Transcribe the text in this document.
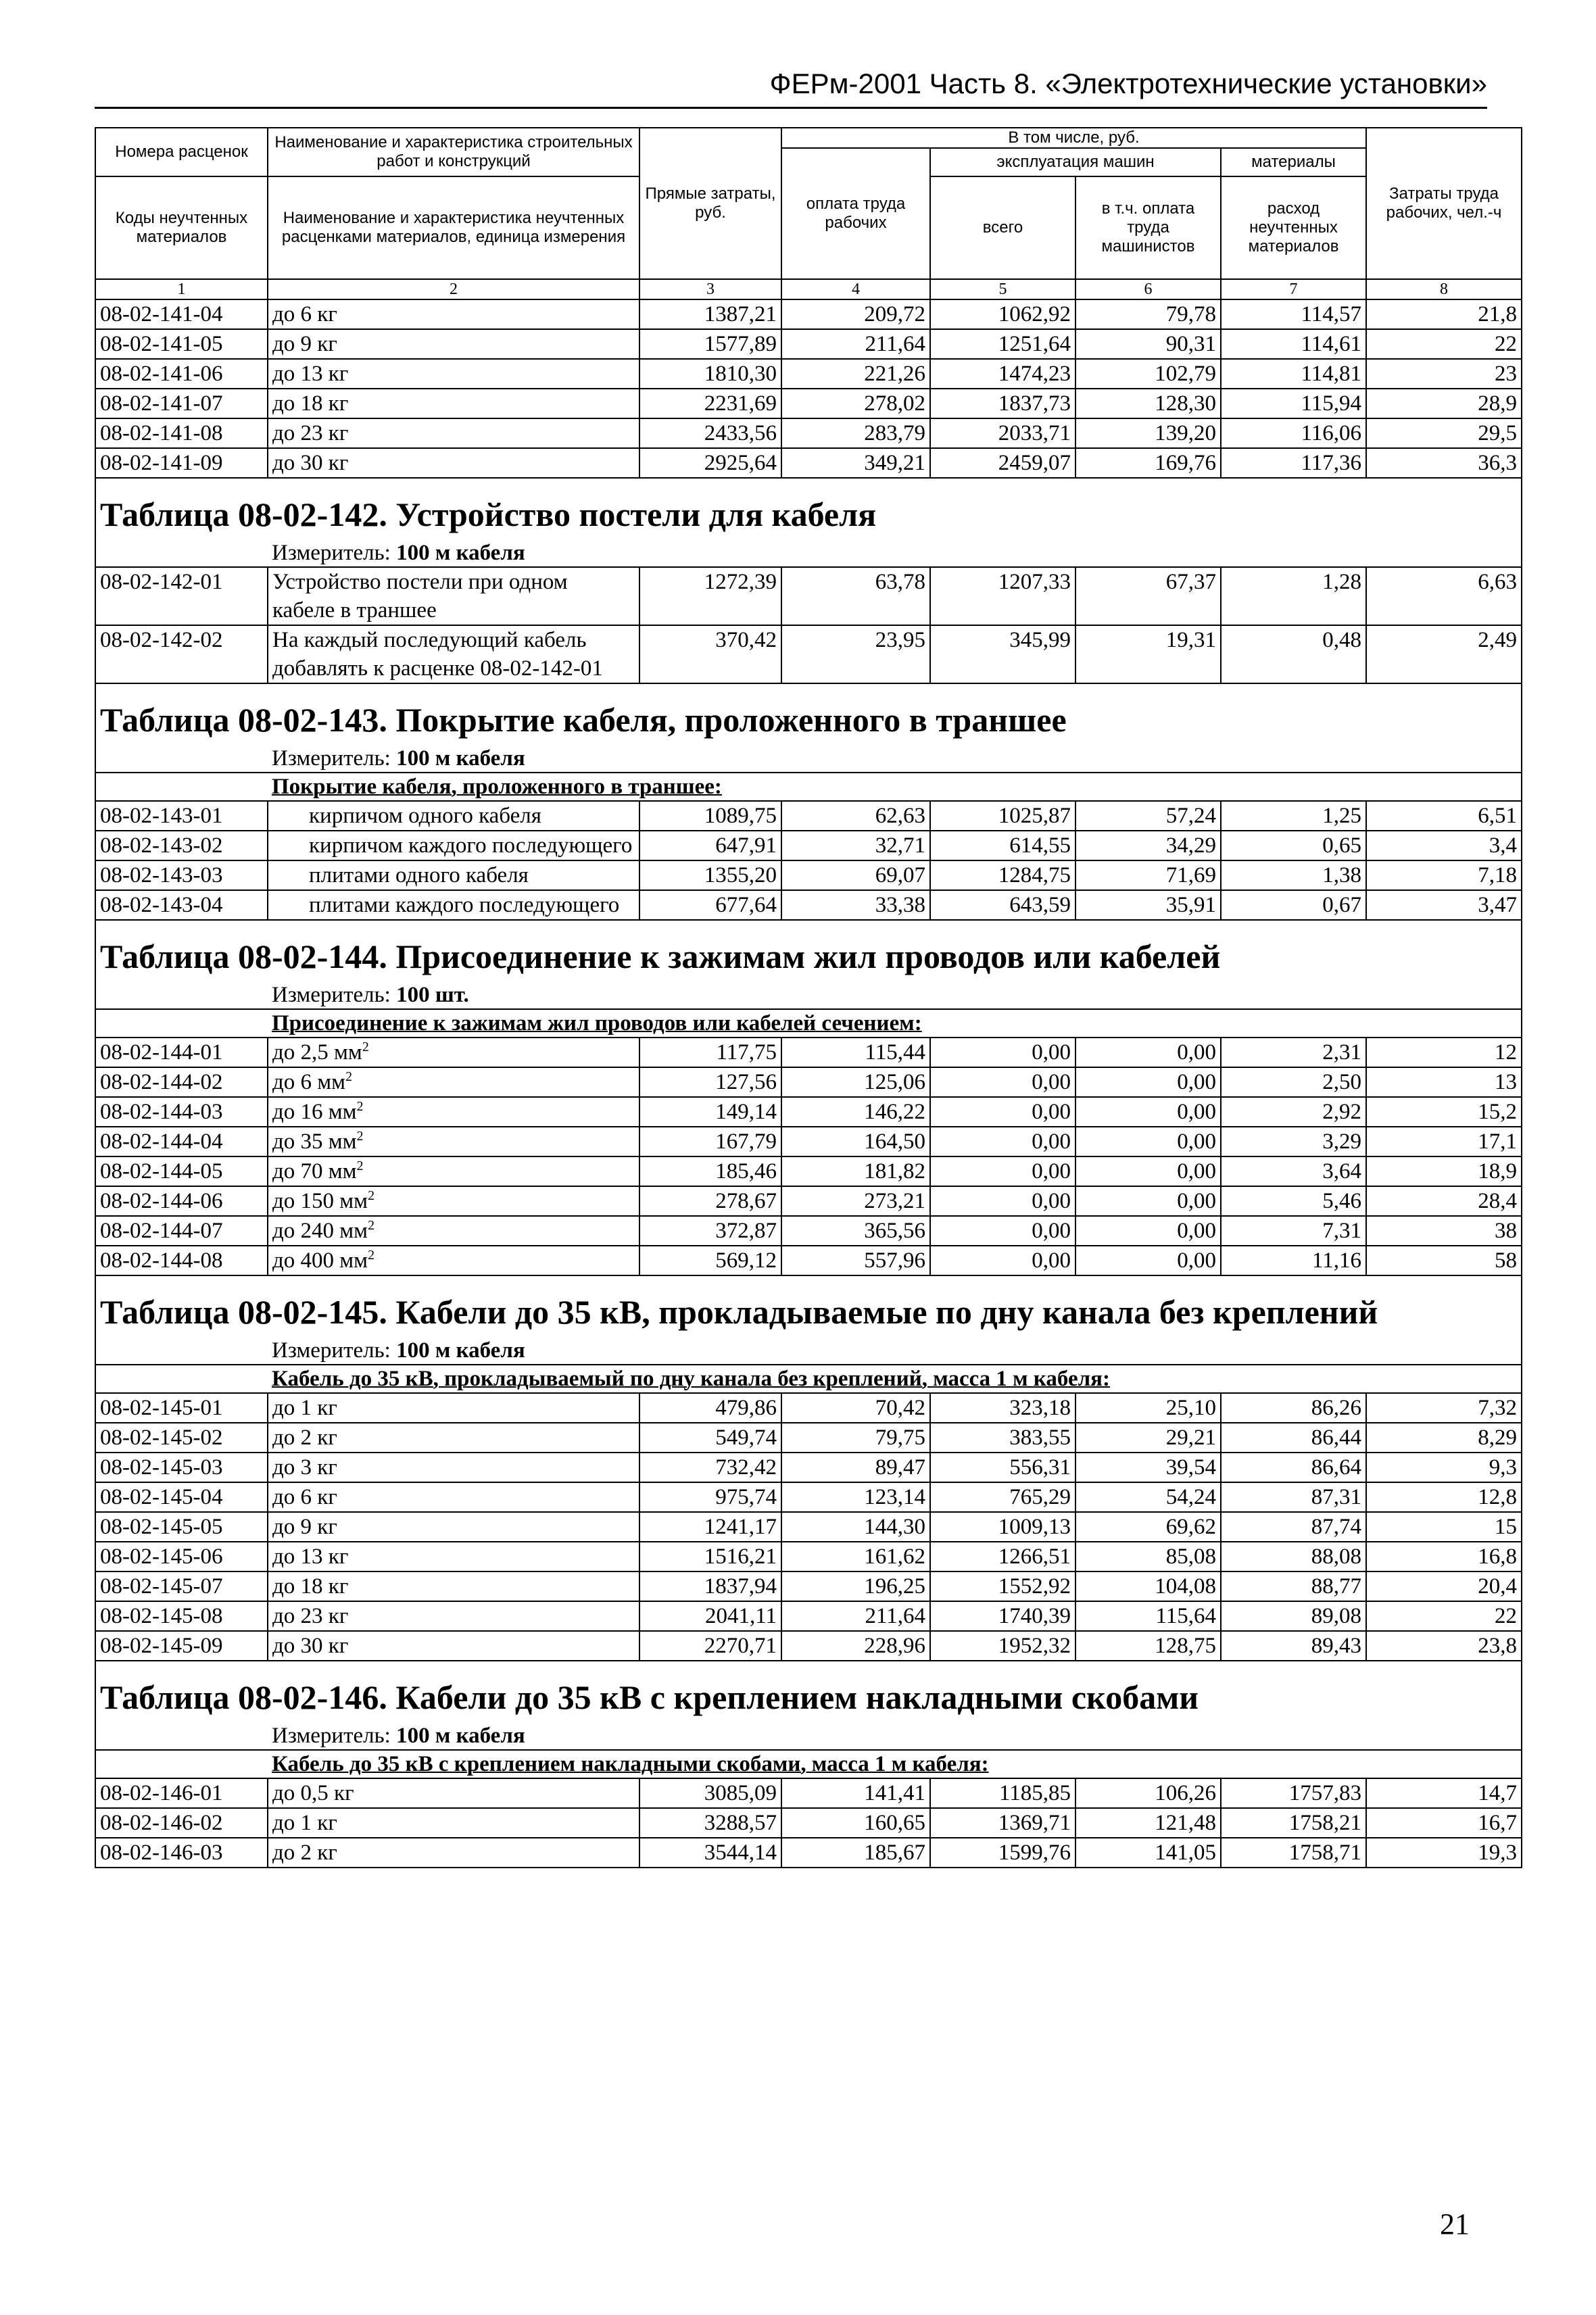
ФЕРм-2001 Часть 8. «Электротехнические установки»
Номера расценок	Наименование и характеристика строительных работ и конструкций	Прямые затраты, руб.	В том числе, руб.				Затраты труда рабочих, чел.-ч
			оплата труда рабочих	эксплуатация машин		материалы	
Коды неучтенных материалов	Наименование и характеристика неучтенных расценками материалов, единица измерения			всего	в т.ч. оплата труда машинистов	расход неучтенных материалов	

1	2	3	4	5	6	7	8
08-02-141-04	до 6 кг	1387,21	209,72	1062,92	79,78	114,57	21,8
08-02-141-05	до 9 кг	1577,89	211,64	1251,64	90,31	114,61	22
08-02-141-06	до 13 кг	1810,30	221,26	1474,23	102,79	114,81	23
08-02-141-07	до 18 кг	2231,69	278,02	1837,73	128,30	115,94	28,9
08-02-141-08	до 23 кг	2433,56	283,79	2033,71	139,20	116,06	29,5
08-02-141-09	до 30 кг	2925,64	349,21	2459,07	169,76	117,36	36,3
Таблица 08-02-142. Устройство постели для кабеля							
Измеритель: 100 м кабеля							
08-02-142-01	Устройство постели при одном кабеле в траншее	1272,39	63,78	1207,33	67,37	1,28	6,63
08-02-142-02	На каждый последующий кабель добавлять к расценке 08-02-142-01	370,42	23,95	345,99	19,31	0,48	2,49
Таблица 08-02-143. Покрытие кабеля, проложенного в траншее							
Измеритель: 100 м кабеля							
Покрытие кабеля, проложенного в траншее:							
08-02-143-01	кирпичом одного кабеля	1089,75	62,63	1025,87	57,24	1,25	6,51
08-02-143-02	кирпичом каждого последующего	647,91	32,71	614,55	34,29	0,65	3,4
08-02-143-03	плитами одного кабеля	1355,20	69,07	1284,75	71,69	1,38	7,18
08-02-143-04	плитами каждого последующего	677,64	33,38	643,59	35,91	0,67	3,47
Таблица 08-02-144. Присоединение к зажимам жил проводов или кабелей							
Измеритель: 100 шт.							
Присоединение к зажимам жил проводов или кабелей сечением:							
08-02-144-01	до 2,5 $мм^2$	117,75	115,44	0,00	0,00	2,31	12
08-02-144-02	до 6 $мм^2$	127,56	125,06	0,00	0,00	2,50	13
08-02-144-03	до 16 $мм^2$	149,14	146,22	0,00	0,00	2,92	15,2
08-02-144-04	до 35 $мм^2$	167,79	164,50	0,00	0,00	3,29	17,1
08-02-144-05	до 70 $мм^2$	185,46	181,82	0,00	0,00	3,64	18,9
08-02-144-06	до 150 $мм^2$	278,67	273,21	0,00	0,00	5,46	28,4
08-02-144-07	до 240 $мм^2$	372,87	365,56	0,00	0,00	7,31	38
08-02-144-08	до 400 $мм^2$	569,12	557,96	0,00	0,00	11,16	58
Таблица 08-02-145. Кабели до 35 кВ, прокладываемые по дну канала без креплений							
Измеритель: 100 м кабеля							
Кабель до 35 кВ, прокладываемый по дну канала без креплений, масса 1 м кабеля:							
08-02-145-01	до 1 кг	479,86	70,42	323,18	25,10	86,26	7,32
08-02-145-02	до 2 кг	549,74	79,75	383,55	29,21	86,44	8,29
08-02-145-03	до 3 кг	732,42	89,47	556,31	39,54	86,64	9,3
08-02-145-04	до 6 кг	975,74	123,14	765,29	54,24	87,31	12,8
08-02-145-05	до 9 кг	1241,17	144,30	1009,13	69,62	87,74	15
08-02-145-06	до 13 кг	1516,21	161,62	1266,51	85,08	88,08	16,8
08-02-145-07	до 18 кг	1837,94	196,25	1552,92	104,08	88,77	20,4
08-02-145-08	до 23 кг	2041,11	211,64	1740,39	115,64	89,08	22
08-02-145-09	до 30 кг	2270,71	228,96	1952,32	128,75	89,43	23,8
Таблица 08-02-146. Кабели до 35 кВ с креплением накладными скобами							
Измеритель: 100 м кабеля							
Кабель до 35 кВ с креплением накладными скобами, масса 1 м кабеля:							
08-02-146-01	до 0,5 кг	3085,09	141,41	1185,85	106,26	1757,83	14,7
08-02-146-02	до 1 кг	3288,57	160,65	1369,71	121,48	1758,21	16,7
08-02-146-03	до 2 кг	3544,14	185,67	1599,76	141,05	1758,71	19,3
21
